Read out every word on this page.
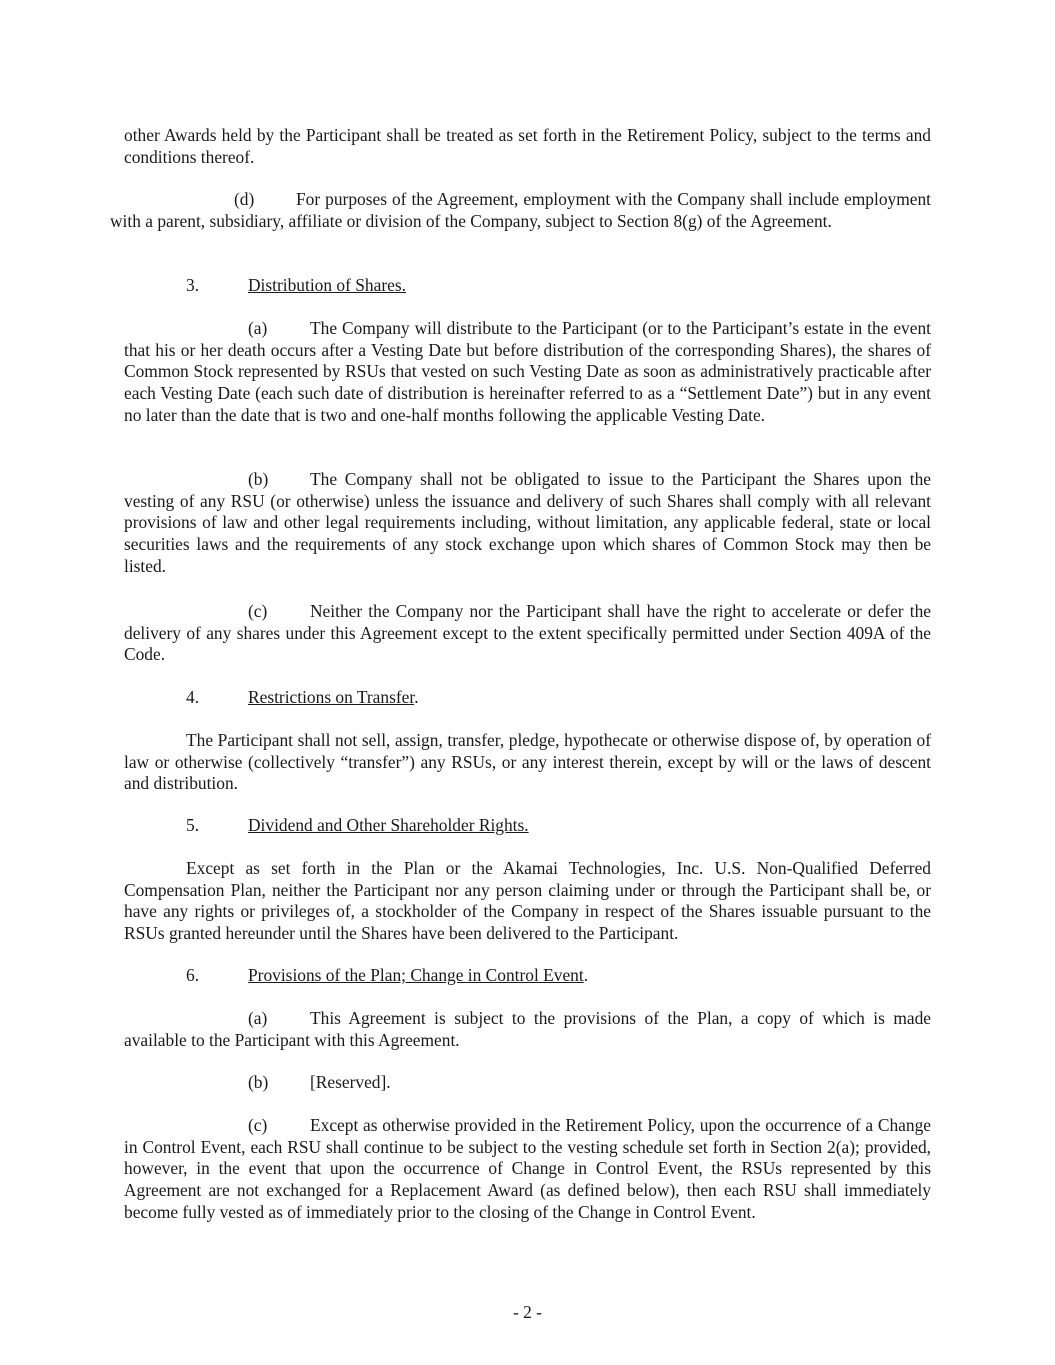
other Awards held by the Participant shall be treated as set forth in the Retirement Policy, subject to the terms and conditions thereof.

(d) For purposes of the Agreement, employment with the Company shall include employment with a parent, subsidiary, affiliate or division of the Company, subject to Section 8(g) of the Agreement.

3.	Distribution of Shares.

(a) The Company will distribute to the Participant (or to the Participant’s estate in the event that his or her death occurs after a Vesting Date but before distribution of the corresponding Shares), the shares of Common Stock represented by RSUs that vested on such Vesting Date as soon as administratively practicable after each Vesting Date (each such date of distribution is hereinafter referred to as a “Settlement Date”) but in any event no later than the date that is two and one-half months following the applicable Vesting Date.

(b) The Company shall not be obligated to issue to the Participant the Shares upon the vesting of any RSU (or otherwise) unless the issuance and delivery of such Shares shall comply with all relevant provisions of law and other legal requirements including, without limitation, any applicable federal, state or local securities laws and the requirements of any stock exchange upon which shares of Common Stock may then be listed.

(c) Neither the Company nor the Participant shall have the right to accelerate or defer the delivery of any shares under this Agreement except to the extent specifically permitted under Section 409A of the Code.

4.	Restrictions on Transfer.

The Participant shall not sell, assign, transfer, pledge, hypothecate or otherwise dispose of, by operation of law or otherwise (collectively “transfer”) any RSUs, or any interest therein, except by will or the laws of descent and distribution.

5.	Dividend and Other Shareholder Rights.

Except as set forth in the Plan or the Akamai Technologies, Inc. U.S. Non-Qualified Deferred Compensation Plan, neither the Participant nor any person claiming under or through the Participant shall be, or have any rights or privileges of, a stockholder of the Company in respect of the Shares issuable pursuant to the RSUs granted hereunder until the Shares have been delivered to the Participant.

6.	Provisions of the Plan; Change in Control Event.

(a) This Agreement is subject to the provisions of the Plan, a copy of which is made available to the Participant with this Agreement.

(b) [Reserved].

(c) Except as otherwise provided in the Retirement Policy, upon the occurrence of a Change in Control Event, each RSU shall continue to be subject to the vesting schedule set forth in Section 2(a); provided, however, in the event that upon the occurrence of Change in Control Event, the RSUs represented by this Agreement are not exchanged for a Replacement Award (as defined below), then each RSU shall immediately become fully vested as of immediately prior to the closing of the Change in Control Event.

- 2 -
